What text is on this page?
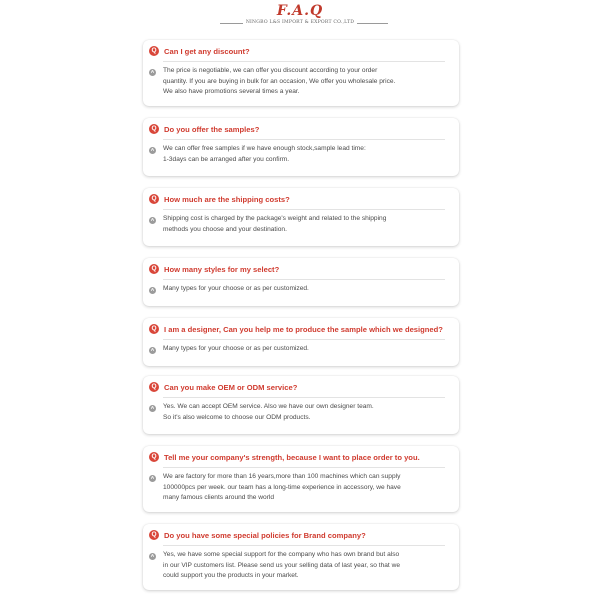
F.A.Q
NINGBO L&S IMPORT & EXPORT CO.,LTD
Q Can I get any discount?
A The price is negotiable, we can offer you discount according to your order
quantity. If you are buying in bulk for an occasion, We offer you wholesale price.
We also have promotions several times a year.
Q Do you offer the samples?
A We can offer free samples if we have enough stock,sample lead time:
1-3days can be arranged after you confirm.
Q How much are the shipping costs?
A Shipping cost is charged by the package's weight and related to the shipping
methods you choose and your destination.
Q How many styles for my select?
A Many types for your choose or as per customized.
Q I am a designer, Can you help me to produce the sample which we designed?
A Many types for your choose or as per customized.
Q Can you make OEM or ODM service?
A Yes. We can accept OEM service. Also we have our own designer team.
So it's also welcome to choose our ODM products.
Q Tell me your company's strength, because I want to place order to you.
A We are factory for more than 16 years,more than 100 machines which can supply
100000pcs per week. our team has a long-time experience in accessory, we have
many famous clients around the world
Q Do you have some special policies for Brand company?
A Yes, we have some special support for the company who has own brand but also
in our VIP customers list. Please send us your selling data of last year, so that we
could support you the products in your market.
